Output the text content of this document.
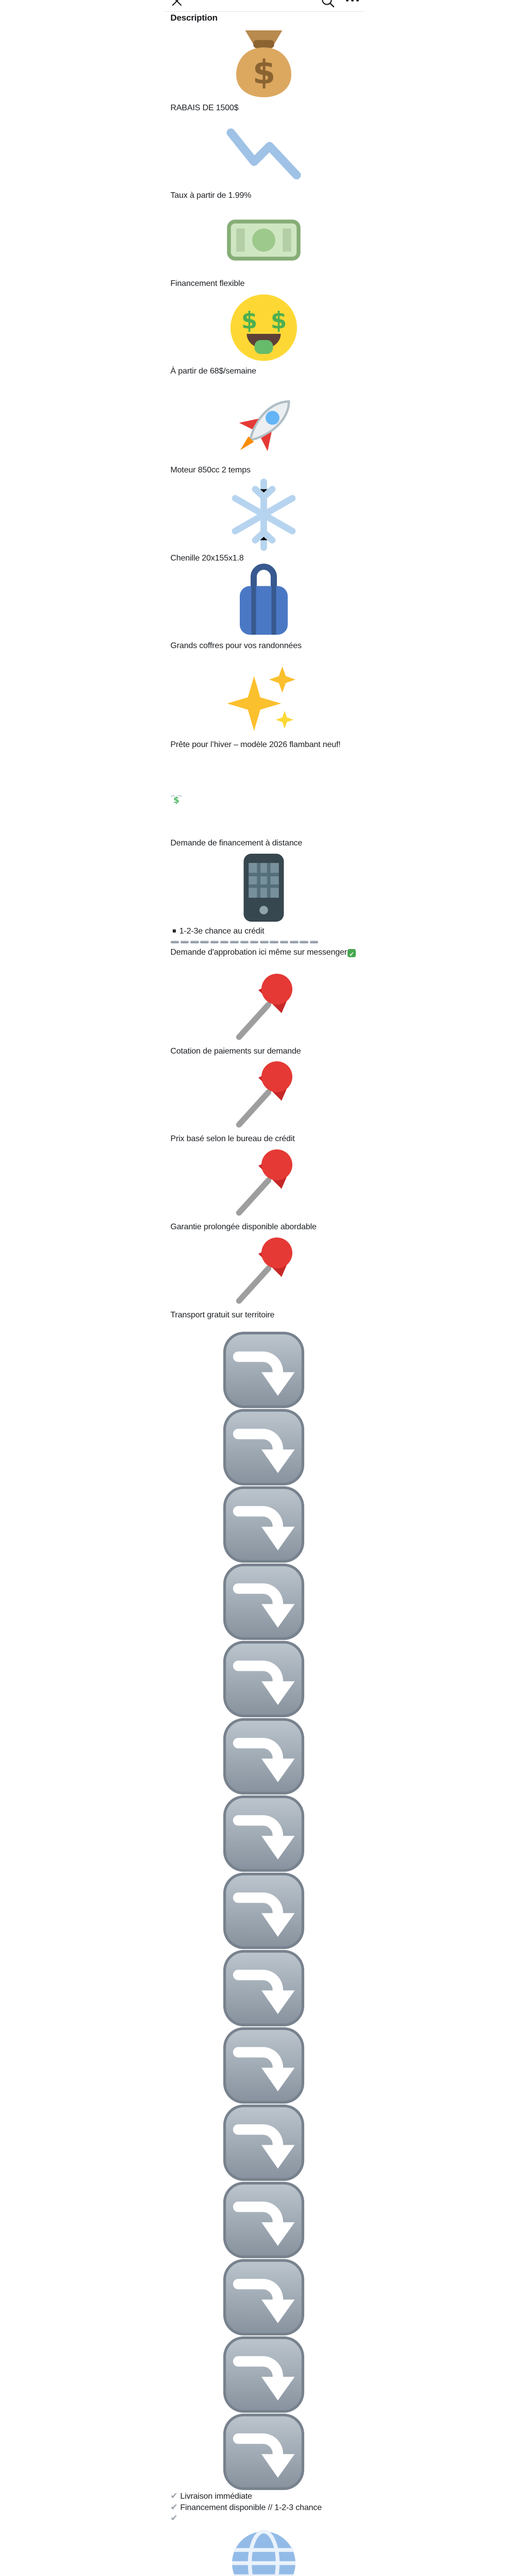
Description
RABAIS DE 1500$
Taux à partir de 1.99%
Financement flexible
À partir de 68$/semaine
Moteur 850cc 2 temps
Chenille 20x155x1.8
Grands coffres pour vos randonnées
Prête pour l’hiver – modèle 2026 flambant neuf!
Demande de financement à distance
1-2-3e chance au crédit
Demande d'approbation ici même sur messenger✓
Cotation de paiements sur demande
Prix basé selon le bureau de crédit
Garantie prolongée disponible abordable
Transport gratuit sur territoire
✔Livraison immédiate
✔Financement disponible // 1-2-3 chance
✔
